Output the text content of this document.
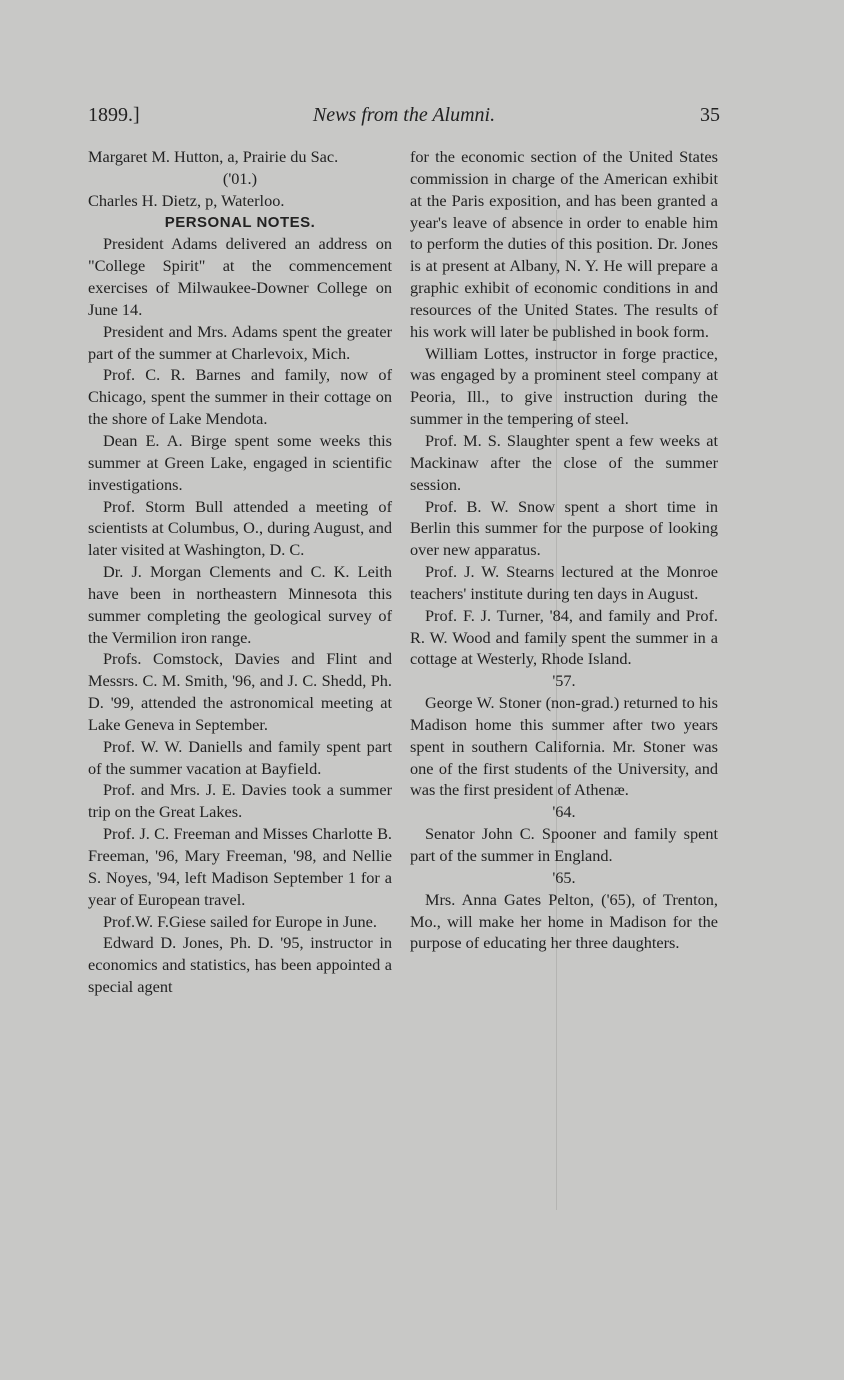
1899.]	News from the Alumni.	35

Margaret M. Hutton, a, Prairie du Sac.

('01.)

Charles H. Dietz, p, Waterloo.

PERSONAL NOTES.

President Adams delivered an address on "College Spirit" at the commencement exercises of Milwaukee-Downer College on June 14.

President and Mrs. Adams spent the greater part of the summer at Charlevoix, Mich.

Prof. C. R. Barnes and family, now of Chicago, spent the summer in their cottage on the shore of Lake Mendota.

Dean E. A. Birge spent some weeks this summer at Green Lake, engaged in scientific investigations.

Prof. Storm Bull attended a meeting of scientists at Columbus, O., during August, and later visited at Washington, D. C.

Dr. J. Morgan Clements and C. K. Leith have been in northeastern Minnesota this summer completing the geological survey of the Vermilion iron range.

Profs. Comstock, Davies and Flint and Messrs. C. M. Smith, '96, and J. C. Shedd, Ph. D. '99, attended the astronomical meeting at Lake Geneva in September.

Prof. W. W. Daniells and family spent part of the summer vacation at Bayfield.

Prof. and Mrs. J. E. Davies took a summer trip on the Great Lakes.

Prof. J. C. Freeman and Misses Charlotte B. Freeman, '96, Mary Freeman, '98, and Nellie S. Noyes, '94, left Madison September 1 for a year of European travel.

Prof.W. F.Giese sailed for Europe in June.

Edward D. Jones, Ph. D. '95, instructor in economics and statistics, has been appointed a special agent

for the economic section of the United States commission in charge of the American exhibit at the Paris exposition, and has been granted a year's leave of absence in order to enable him to perform the duties of this position. Dr. Jones is at present at Albany, N. Y. He will prepare a graphic exhibit of economic conditions in and resources of the United States. The results of his work will later be published in book form.

William Lottes, instructor in forge practice, was engaged by a prominent steel company at Peoria, Ill., to give instruction during the summer in the tempering of steel.

Prof. M. S. Slaughter spent a few weeks at Mackinaw after the close of the summer session.

Prof. B. W. Snow spent a short time in Berlin this summer for the purpose of looking over new apparatus.

Prof. J. W. Stearns lectured at the Monroe teachers' institute during ten days in August.

Prof. F. J. Turner, '84, and family and Prof. R. W. Wood and family spent the summer in a cottage at Westerly, Rhode Island.

'57.

George W. Stoner (non-grad.) returned to his Madison home this summer after two years spent in southern California. Mr. Stoner was one of the first students of the University, and was the first president of Athenæ.

'64.

Senator John C. Spooner and family spent part of the summer in England.

'65.

Mrs. Anna Gates Pelton, ('65), of Trenton, Mo., will make her home in Madison for the purpose of educating her three daughters.
